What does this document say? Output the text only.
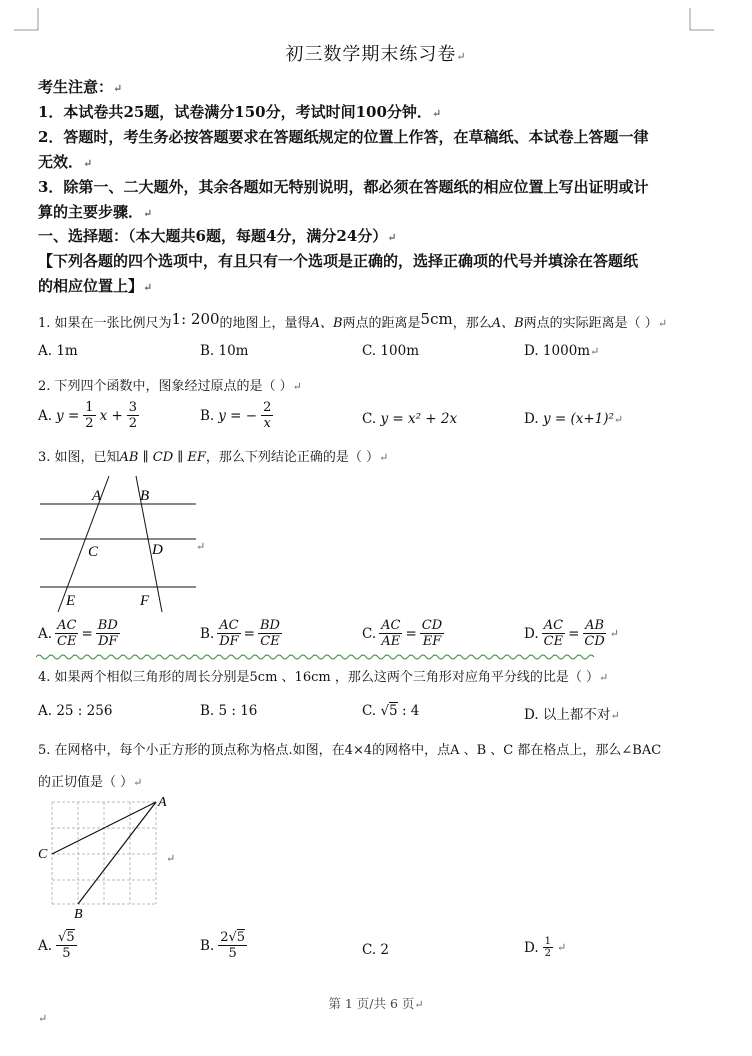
初三数学期末练习卷↵
考生注意：↵
1．本试卷共25题，试卷满分150分，考试时间100分钟．↵
2．答题时，考生务必按答题要求在答题纸规定的位置上作答，在草稿纸、本试卷上答题一律
无效．↵
3．除第一、二大题外，其余各题如无特别说明，都必须在答题纸的相应位置上写出证明或计
算的主要步骤．↵
一、选择题：（本大题共6题，每题4分，满分24分）↵
【下列各题的四个选项中，有且只有一个选项是正确的，选择正确项的代号并填涂在答题纸
的相应位置上】↵
1. 如果在一张比例尺为1: 200的地图上，量得A、B两点的距离是5cm，那么A、B两点的实际距离是（ ）↵
A. 1m	B. 10m	C. 100m	D. 1000m↵
2. 下列四个函数中，图象经过原点的是（ ）↵
A. $y = \frac{1}{2}$ $x + \frac{3}{2}$	B. y = − $\frac{2}{x}$	C. y = x² + 2x	D. y = (x+1)²↵
3. 如图，已知AB ∥ CD ∥ EF，那么下列结论正确的是（ ）↵
A	B
C	D
E	F
↵
A. $\frac{AC}{CE} = \frac{BD}{DF}$	B. $\frac{AC}{DF} = \frac{BD}{CE}$	C. $\frac{AC}{AE} = \frac{CD}{EF}$	D. $\frac{AC}{CE} = \frac{AB}{CD}$ ↵
4. 如果两个相似三角形的周长分别是5cm 、16cm ，那么这两个三角形对应角平分线的比是（ ）↵
A. 25 : 256	B. 5 : 16	C. √5 : 4	D. 以上都不对↵
5. 在网格中，每个小正方形的顶点称为格点.如图，在4×4的网格中，点A 、B 、C 都在格点上，那么∠BAC
的正切值是（ ）↵
A
C
B
↵
A. $\frac{√5}{5}$	B. $\frac{2√5}{5}$	C. 2	D. $\frac{1}{2}$ ↵
第 1 页/共 6 页↵
↵
